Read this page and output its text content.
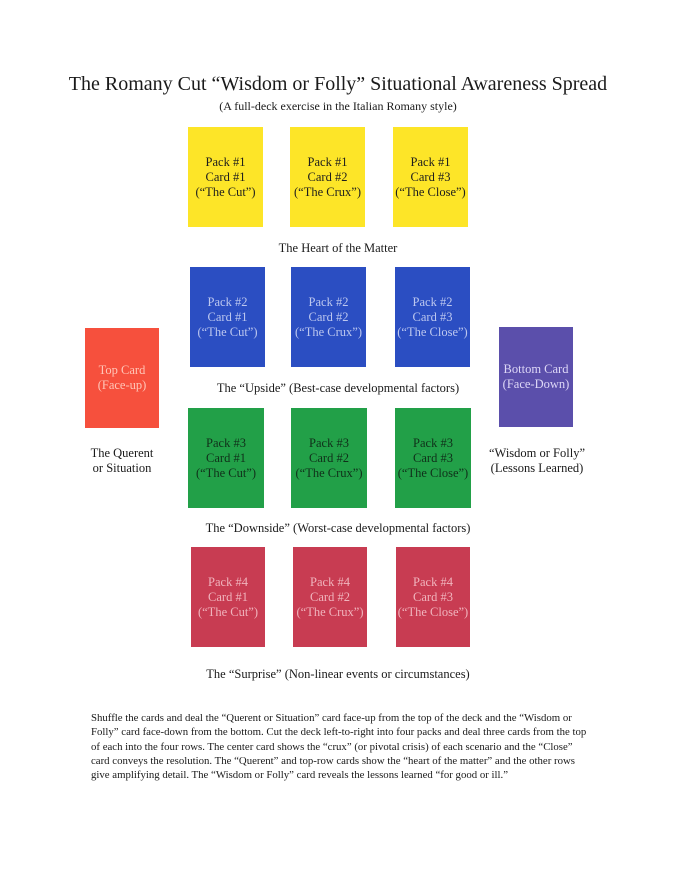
The Romany Cut “Wisdom or Folly” Situational Awareness Spread
(A full-deck exercise in the Italian Romany style)
Pack #1
Card #1
(“The Cut”)
Pack #1
Card #2
(“The Crux”)
Pack #1
Card #3
(“The Close”)
The Heart of the Matter
Pack #2
Card #1
(“The Cut”)
Pack #2
Card #2
(“The Crux”)
Pack #2
Card #3
(“The Close”)
The “Upside” (Best-case developmental factors)
Top Card
(Face-up)
Bottom Card
(Face-Down)
The Querent
or Situation
“Wisdom or Folly”
(Lessons Learned)
Pack #3
Card #1
(“The Cut”)
Pack #3
Card #2
(“The Crux”)
Pack #3
Card #3
(“The Close”)
The “Downside” (Worst-case developmental factors)
Pack #4
Card #1
(“The Cut”)
Pack #4
Card #2
(“The Crux”)
Pack #4
Card #3
(“The Close”)
The “Surprise” (Non-linear events or circumstances)
Shuffle the cards and deal the “Querent or Situation” card face-up from the top of the deck and the “Wisdom or Folly” card face-down from the bottom. Cut the deck left-to-right into four packs and deal three cards from the top of each into the four rows. The center card shows the “crux” (or pivotal crisis) of each scenario and the “Close” card conveys the resolution. The “Querent” and top-row cards show the “heart of the matter” and the other rows give amplifying detail. The “Wisdom or Folly” card reveals the lessons learned “for good or ill.”
